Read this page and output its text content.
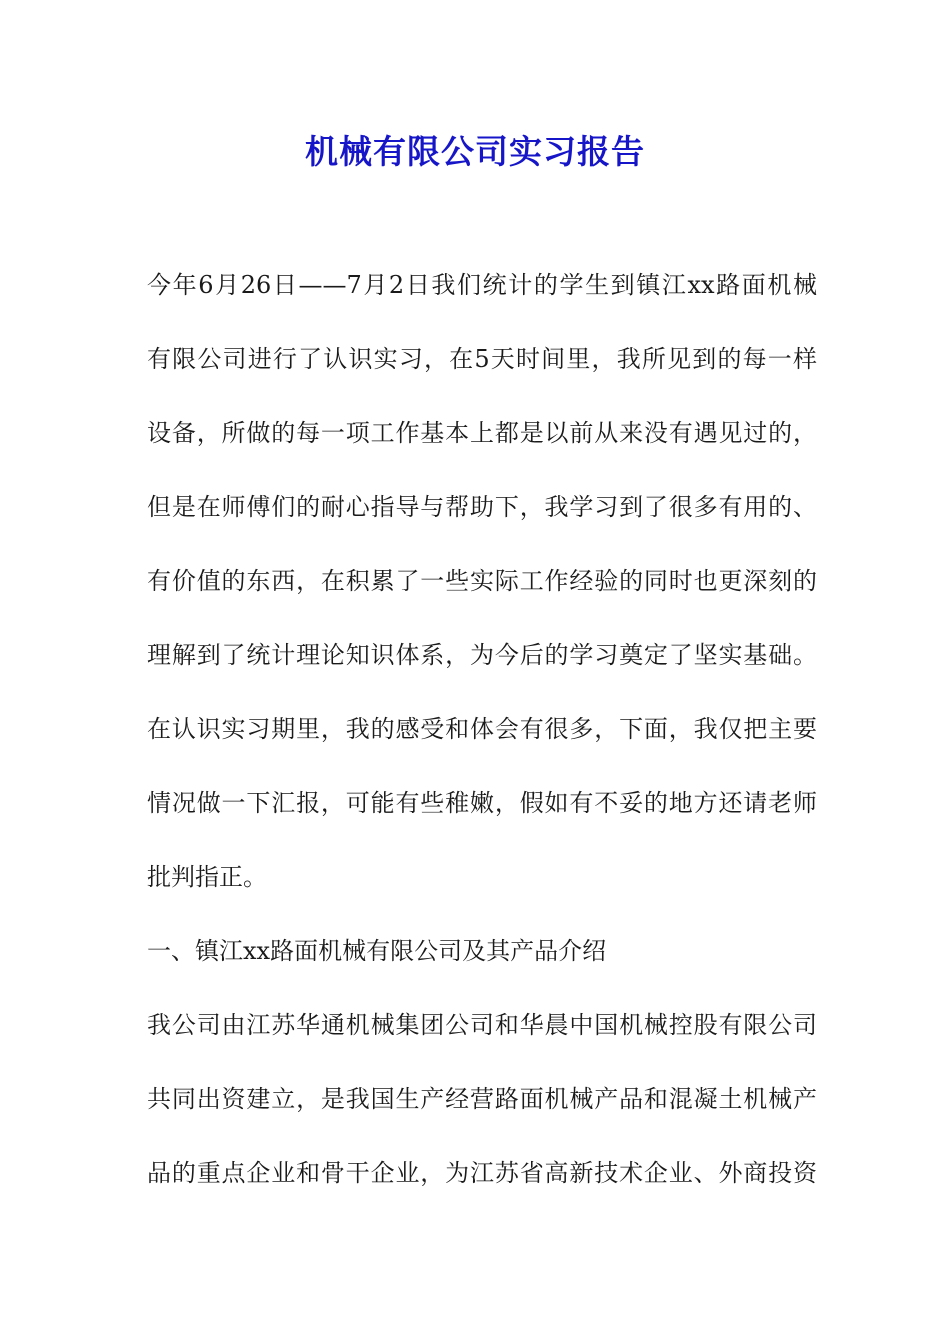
机械有限公司实习报告
今年6月26日——7月2日我们统计的学生到镇江xx路面机械
有限公司进行了认识实习，在5天时间里，我所见到的每一样
设备，所做的每一项工作基本上都是以前从来没有遇见过的，
但是在师傅们的耐心指导与帮助下，我学习到了很多有用的、
有价值的东西，在积累了一些实际工作经验的同时也更深刻的
理解到了统计理论知识体系，为今后的学习奠定了坚实基础。
在认识实习期里，我的感受和体会有很多，下面，我仅把主要
情况做一下汇报，可能有些稚嫩，假如有不妥的地方还请老师
批判指正。
一、镇江xx路面机械有限公司及其产品介绍
我公司由江苏华通机械集团公司和华晨中国机械控股有限公司
共同出资建立，是我国生产经营路面机械产品和混凝土机械产
品的重点企业和骨干企业，为江苏省高新技术企业、外商投资
